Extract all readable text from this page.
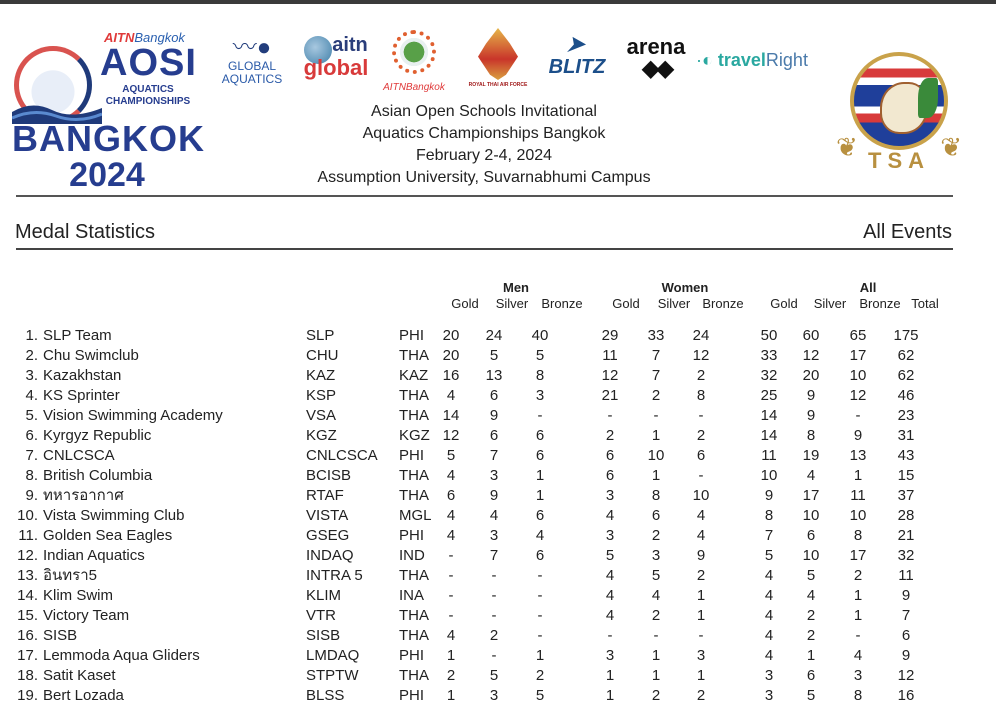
AITNBangkok
AOSI
AQUATICS
CHAMPIONSHIPS
BANGKOK
2024
〰●
GLOBAL
AQUATICS
aitn
global
AITNBangkok	ROYAL THAI AIR FORCE
➤
BLITZ
arena
◆◆	·◐ travelRight
❦	❦
TSA
Asian Open Schools Invitational
Aquatics Championships Bangkok
February 2-4, 2024
Assumption University, Suvarnabhumi Campus
Medal Statistics	All Events
Men	Women	All
Gold	Silver	Bronze	Gold	Silver Bronze	Gold	Silver	Bronze Total
1. SLP Team	SLP	PHI	20	24	40	29	33	24	50	60	65	175
2. Chu Swimclub	CHU	THA 20	5	5	11	7	12	33	12	17	62
3. Kazakhstan	KAZ	KAZ 16	13	8	12	7	2	32	20	10	62
4. KS Sprinter	KSP	THA	4	6	3	21	2	8	25	9	12	46
5. Vision Swimming Academy	VSA	THA 14	9	-	-	-	-	14	9	-	23
6. Kyrgyz Republic	KGZ	KGZ 12	6	6	2	1	2	14	8	9	31
7. CNLCSCA	CNLCSCA PHI	5	7	6	6	10	6	11	19	13	43
8. British Columbia	BCISB	THA	4	3	1	6	1	-	10	4	1	15
9. ทหารอากาศ	RTAF	THA	6	9	1	3	8	10	9	17	11	37
10. Vista Swimming Club	VISTA	MGL	4	4	6	4	6	4	8	10	10	28
11. Golden Sea Eagles	GSEG	PHI	4	3	4	3	2	4	7	6	8	21
12. Indian Aquatics	INDAQ	IND	-	7	6	5	3	9	5	10	17	32
13. อินทรา5	INTRA 5 THA	-	-	-	4	5	2	4	5	2	11
14. Klim Swim	KLIM	INA	-	-	-	4	4	1	4	4	1	9
15. Victory Team	VTR	THA	-	-	-	4	2	1	4	2	1	7
16. SISB	SISB	THA	4	2	-	-	-	-	4	2	-	6
17. Lemmoda Aqua Gliders	LMDAQ	PHI	1	-	1	3	1	3	4	1	4	9
18. Satit Kaset	STPTW	THA	2	5	2	1	1	1	3	6	3	12
19. Bert Lozada	BLSS	PHI	1	3	5	1	2	2	3	5	8	16
